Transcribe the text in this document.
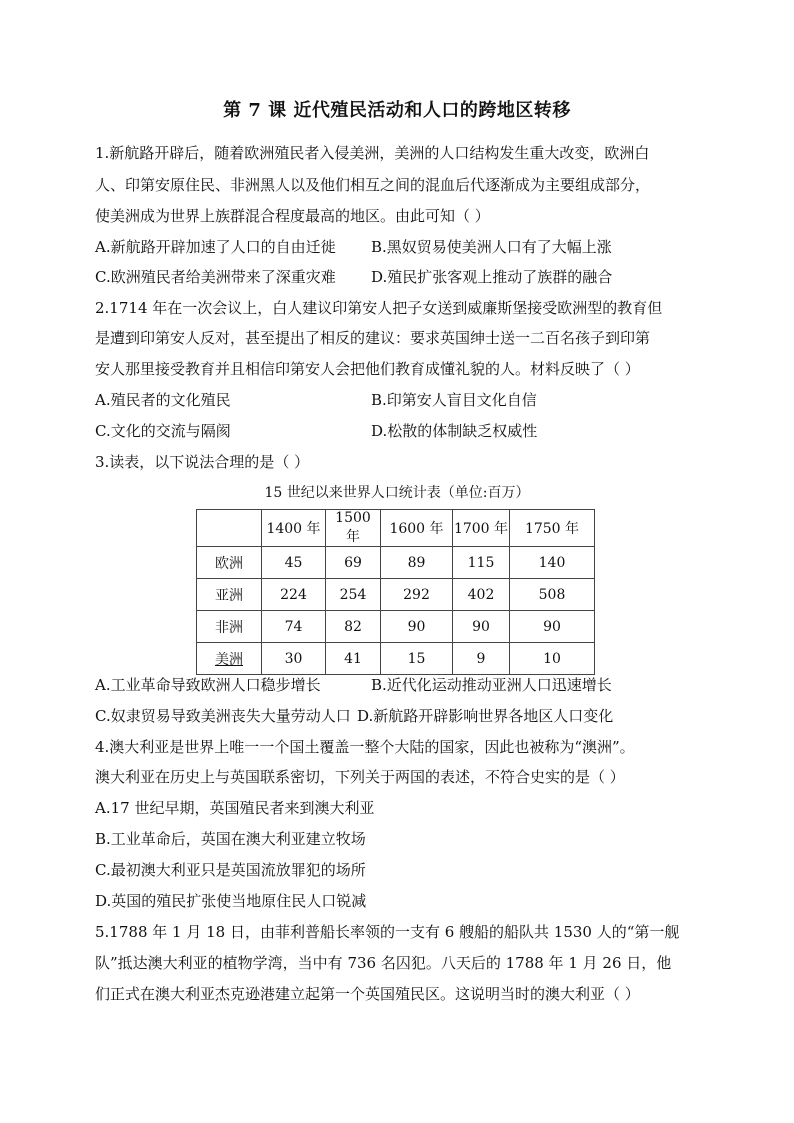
第 7 课 近代殖民活动和人口的跨地区转移
1.新航路开辟后，随着欧洲殖民者入侵美洲，美洲的人口结构发生重大改变，欧洲白
人、印第安原住民、非洲黑人以及他们相互之间的混血后代逐渐成为主要组成部分，
使美洲成为世界上族群混合程度最高的地区。由此可知（ ）
A.新航路开辟加速了人口的自由迁徙 B.黑奴贸易使美洲人口有了大幅上涨
C.欧洲殖民者给美洲带来了深重灾难 D.殖民扩张客观上推动了族群的融合
2.1714 年在一次会议上，白人建议印第安人把子女送到威廉斯堡接受欧洲型的教育但
是遭到印第安人反对，甚至提出了相反的建议：要求英国绅士送一二百名孩子到印第
安人那里接受教育并且相信印第安人会把他们教育成懂礼貌的人。材料反映了（ ）
A.殖民者的文化殖民	B.印第安人盲目文化自信
C.文化的交流与隔阂	D.松散的体制缺乏权威性
3.读表，以下说法合理的是（ ）
15 世纪以来世界人口统计表（单位:百万）
	1400 年	1500 年	1600 年	1700 年	1750 年
欧洲	45	69	89	115	140
亚洲	224	254	292	402	508
非洲	74	82	90	90	90
美洲	30	41	15	9	10
A.工业革命导致欧洲人口稳步增长	B.近代化运动推动亚洲人口迅速增长
C.奴隶贸易导致美洲丧失大量劳动人口 D.新航路开辟影响世界各地区人口变化
4.澳大利亚是世界上唯一一个国土覆盖一整个大陆的国家，因此也被称为“澳洲”。
澳大利亚在历史上与英国联系密切，下列关于两国的表述，不符合史实的是（ ）
A.17 世纪早期，英国殖民者来到澳大利亚
B.工业革命后，英国在澳大利亚建立牧场
C.最初澳大利亚只是英国流放罪犯的场所
D.英国的殖民扩张使当地原住民人口锐减
5.1788 年 1 月 18 日，由菲利普船长率领的一支有 6 艘船的船队共 1530 人的“第一舰
队”抵达澳大利亚的植物学湾，当中有 736 名囚犯。八天后的 1788 年 1 月 26 日，他
们正式在澳大利亚杰克逊港建立起第一个英国殖民区。这说明当时的澳大利亚（ ）
